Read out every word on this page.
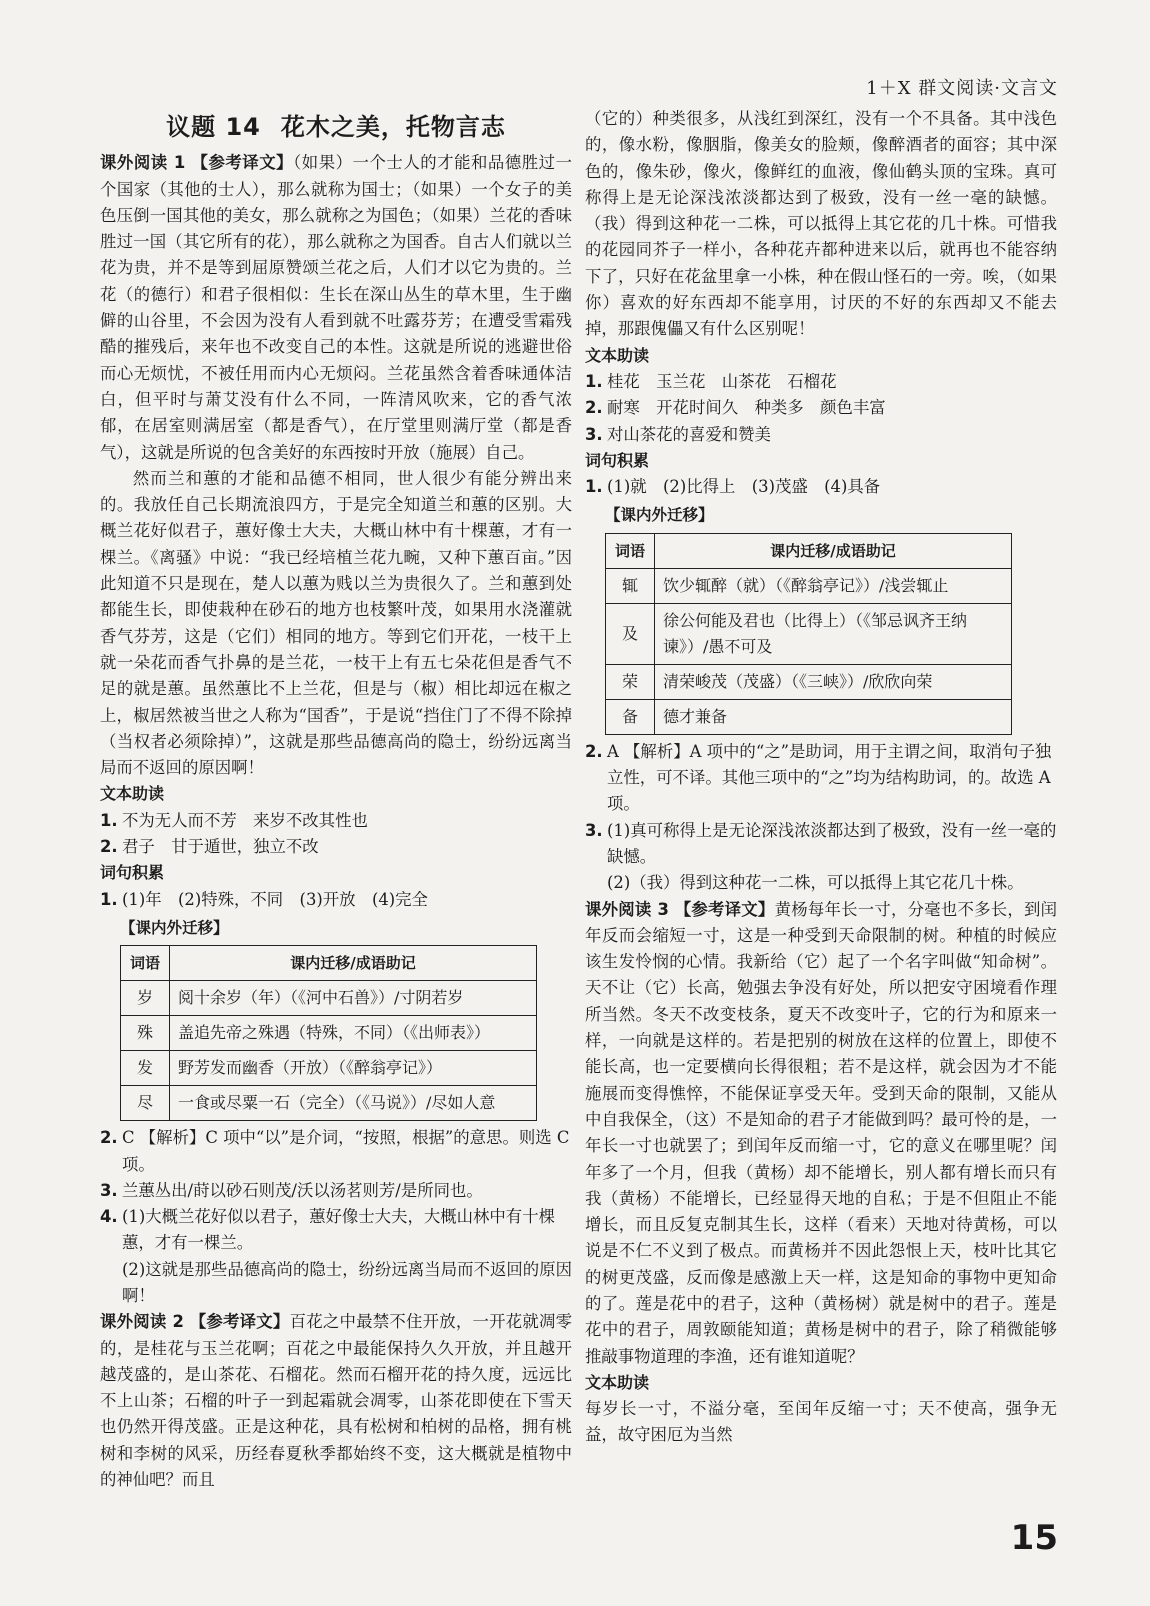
1＋X 群文阅读·文言文
议题 14 花木之美，托物言志

课外阅读 1 【参考译文】（如果）一个士人的才能和品德胜过一个国家（其他的士人），那么就称为国士；（如果）一个女子的美色压倒一国其他的美女，那么就称之为国色；（如果）兰花的香味胜过一国（其它所有的花），那么就称之为国香。自古人们就以兰花为贵，并不是等到屈原赞颂兰花之后，人们才以它为贵的。兰花（的德行）和君子很相似：生长在深山丛生的草木里，生于幽僻的山谷里，不会因为没有人看到就不吐露芬芳；在遭受雪霜残酷的摧残后，来年也不改变自己的本性。这就是所说的逃避世俗而心无烦忧，不被任用而内心无烦闷。兰花虽然含着香味通体洁白，但平时与萧艾没有什么不同，一阵清风吹来，它的香气浓郁，在居室则满居室（都是香气），在厅堂里则满厅堂（都是香气），这就是所说的包含美好的东西按时开放（施展）自己。

然而兰和蕙的才能和品德不相同，世人很少有能分辨出来的。我放任自己长期流浪四方，于是完全知道兰和蕙的区别。大概兰花好似君子，蕙好像士大夫，大概山林中有十棵蕙，才有一棵兰。《离骚》中说：“我已经培植兰花九畹，又种下蕙百亩。”因此知道不只是现在，楚人以蕙为贱以兰为贵很久了。兰和蕙到处都能生长，即使栽种在砂石的地方也枝繁叶茂，如果用水浇灌就香气芬芳，这是（它们）相同的地方。等到它们开花，一枝干上就一朵花而香气扑鼻的是兰花，一枝干上有五七朵花但是香气不足的就是蕙。虽然蕙比不上兰花，但是与（椒）相比却远在椒之上，椒居然被当世之人称为“国香”，于是说“挡住门了不得不除掉（当权者必须除掉）”，这就是那些品德高尚的隐士，纷纷远离当局而不返回的原因啊！

文本助读

1. 不为无人而不芳　来岁不改其性也
2. 君子　甘于遁世，独立不改

词句积累

1. (1)年　(2)特殊，不同　(3)开放　(4)完全
【课内外迁移】
词语	课内迁移/成语助记
岁	阅十余岁（年）（《河中石兽》）/寸阴若岁
殊	盖追先帝之殊遇（特殊，不同）（《出师表》）
发	野芳发而幽香（开放）（《醉翁亭记》）
尽	一食或尽粟一石（完全）（《马说》）/尽如人意
2. C 【解析】C 项中“以”是介词，“按照，根据”的意思。则选 C 项。
3. 兰蕙丛出/莳以砂石则茂/沃以汤茗则芳/是所同也。
4. (1)大概兰花好似以君子，蕙好像士大夫，大概山林中有十棵蕙，才有一棵兰。

(2)这就是那些品德高尚的隐士，纷纷远离当局而不返回的原因啊！

课外阅读 2 【参考译文】百花之中最禁不住开放，一开花就凋零的，是桂花与玉兰花啊；百花之中最能保持久久开放，并且越开越茂盛的，是山茶花、石榴花。然而石榴开花的持久度，远远比不上山茶；石榴的叶子一到起霜就会凋零，山茶花即使在下雪天也仍然开得茂盛。正是这种花，具有松树和柏树的品格，拥有桃树和李树的风采，历经春夏秋季都始终不变，这大概就是植物中的神仙吧？而且

（它的）种类很多，从浅红到深红，没有一个不具备。其中浅色的，像水粉，像胭脂，像美女的脸颊，像醉酒者的面容；其中深色的，像朱砂，像火，像鲜红的血液，像仙鹤头顶的宝珠。真可称得上是无论深浅浓淡都达到了极致，没有一丝一毫的缺憾。（我）得到这种花一二株，可以抵得上其它花的几十株。可惜我的花园同芥子一样小，各种花卉都种进来以后，就再也不能容纳下了，只好在花盆里拿一小株，种在假山怪石的一旁。唉，（如果你）喜欢的好东西却不能享用，讨厌的不好的东西却又不能去掉，那跟傀儡又有什么区别呢！

文本助读

1. 桂花　玉兰花　山茶花　石榴花
2. 耐寒　开花时间久　种类多　颜色丰富
3. 对山茶花的喜爱和赞美

词句积累

1. (1)就　(2)比得上　(3)茂盛　(4)具备
【课内外迁移】
词语	课内迁移/成语助记
辄	饮少辄醉（就）（《醉翁亭记》）/浅尝辄止
及	徐公何能及君也（比得上）（《邹忌讽齐王纳谏》）/愚不可及
荣	清荣峻茂（茂盛）（《三峡》）/欣欣向荣
备	德才兼备
2. A 【解析】A 项中的“之”是助词，用于主谓之间，取消句子独立性，可不译。其他三项中的“之”均为结构助词，的。故选 A 项。
3. (1)真可称得上是无论深浅浓淡都达到了极致，没有一丝一毫的缺憾。

(2)（我）得到这种花一二株，可以抵得上其它花几十株。

课外阅读 3 【参考译文】黄杨每年长一寸，分毫也不多长，到闰年反而会缩短一寸，这是一种受到天命限制的树。种植的时候应该生发怜悯的心情。我新给（它）起了一个名字叫做“知命树”。天不让（它）长高，勉强去争没有好处，所以把安守困境看作理所当然。冬天不改变枝条，夏天不改变叶子，它的行为和原来一样，一向就是这样的。若是把别的树放在这样的位置上，即使不能长高，也一定要横向长得很粗；若不是这样，就会因为才不能施展而变得憔悴，不能保证享受天年。受到天命的限制，又能从中自我保全，（这）不是知命的君子才能做到吗？最可怜的是，一年长一寸也就罢了；到闰年反而缩一寸，它的意义在哪里呢？闰年多了一个月，但我（黄杨）却不能增长，别人都有增长而只有我（黄杨）不能增长，已经显得天地的自私；于是不但阻止不能增长，而且反复克制其生长，这样（看来）天地对待黄杨，可以说是不仁不义到了极点。而黄杨并不因此怨恨上天，枝叶比其它的树更茂盛，反而像是感激上天一样，这是知命的事物中更知命的了。莲是花中的君子，这种（黄杨树）就是树中的君子。莲是花中的君子，周敦颐能知道；黄杨是树中的君子，除了稍微能够推敲事物道理的李渔，还有谁知道呢？

文本助读

每岁长一寸，不溢分毫，至闰年反缩一寸；天不使高，强争无益，故守困厄为当然

15
